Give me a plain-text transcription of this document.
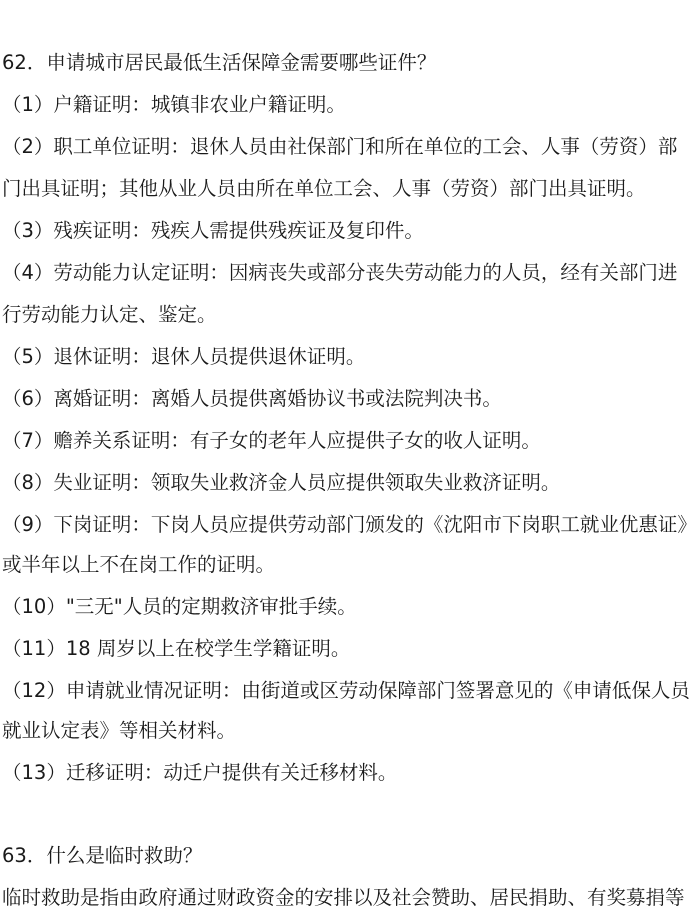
62．申请城市居民最低生活保障金需要哪些证件？
（1）户籍证明：城镇非农业户籍证明。
（2）职工单位证明：退休人员由社保部门和所在单位的工会、人事（劳资）部
门出具证明；其他从业人员由所在单位工会、人事（劳资）部门出具证明。
（3）残疾证明：残疾人需提供残疾证及复印件。
（4）劳动能力认定证明：因病丧失或部分丧失劳动能力的人员，经有关部门进
行劳动能力认定、鉴定。
（5）退休证明：退休人员提供退休证明。
（6）离婚证明：离婚人员提供离婚协议书或法院判决书。
（7）赡养关系证明：有子女的老年人应提供子女的收人证明。
（8）失业证明：领取失业救济金人员应提供领取失业救济证明。
（9）下岗证明：下岗人员应提供劳动部门颁发的《沈阳市下岗职工就业优惠证》
或半年以上不在岗工作的证明。
（10）"三无"人员的定期救济审批手续。
（11）18 周岁以上在校学生学籍证明。
（12）申请就业情况证明：由街道或区劳动保障部门签署意见的《申请低保人员
就业认定表》等相关材料。
（13）迁移证明：动迁户提供有关迁移材料。
63．什么是临时救助？
临时救助是指由政府通过财政资金的安排以及社会赞助、居民捐助、有奖募捐等
